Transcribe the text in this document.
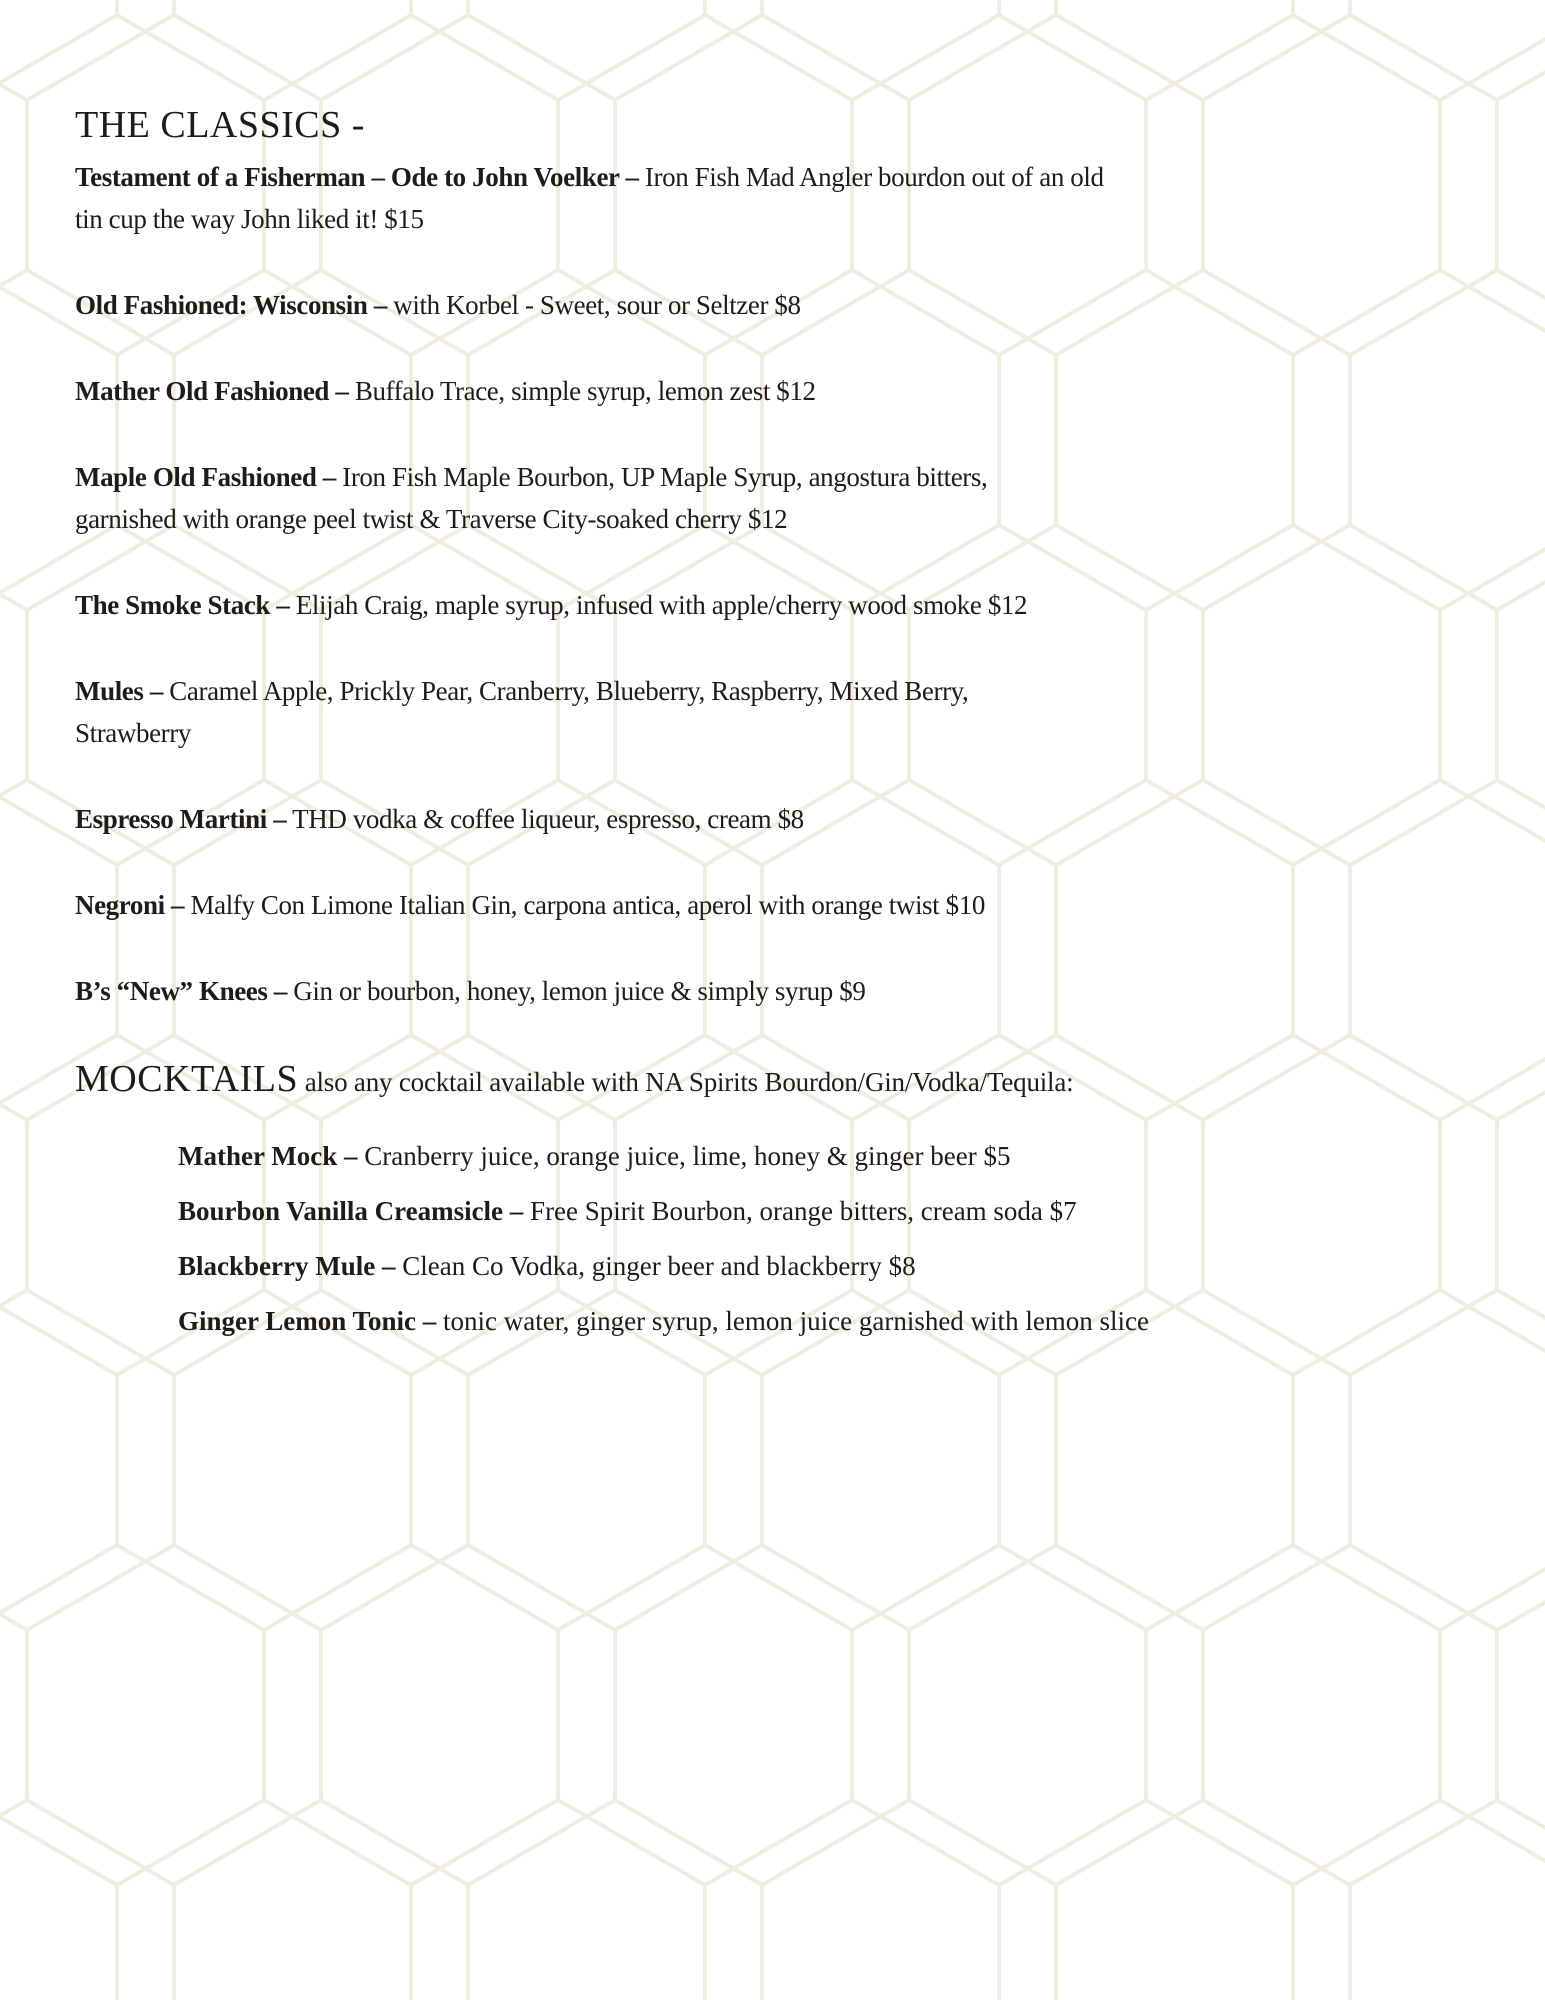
THE CLASSICS -

Testament of a Fisherman – Ode to John Voelker – Iron Fish Mad Angler bourdon out of an old
tin cup the way John liked it! $15

Old Fashioned: Wisconsin – with Korbel - Sweet, sour or Seltzer $8

Mather Old Fashioned – Buffalo Trace, simple syrup, lemon zest $12

Maple Old Fashioned – Iron Fish Maple Bourbon, UP Maple Syrup, angostura bitters,
garnished with orange peel twist & Traverse City-soaked cherry $12

The Smoke Stack – Elijah Craig, maple syrup, infused with apple/cherry wood smoke $12

Mules – Caramel Apple, Prickly Pear, Cranberry, Blueberry, Raspberry, Mixed Berry,
Strawberry

Espresso Martini – THD vodka & coffee liqueur, espresso, cream $8

Negroni – Malfy Con Limone Italian Gin, carpona antica, aperol with orange twist $10

B’s “New” Knees – Gin or bourbon, honey, lemon juice & simply syrup $9

MOCKTAILS also any cocktail available with NA Spirits Bourdon/Gin/Vodka/Tequila:

Mather Mock – Cranberry juice, orange juice, lime, honey & ginger beer $5

Bourbon Vanilla Creamsicle – Free Spirit Bourbon, orange bitters, cream soda $7

Blackberry Mule – Clean Co Vodka, ginger beer and blackberry $8

Ginger Lemon Tonic – tonic water, ginger syrup, lemon juice garnished with lemon slice
